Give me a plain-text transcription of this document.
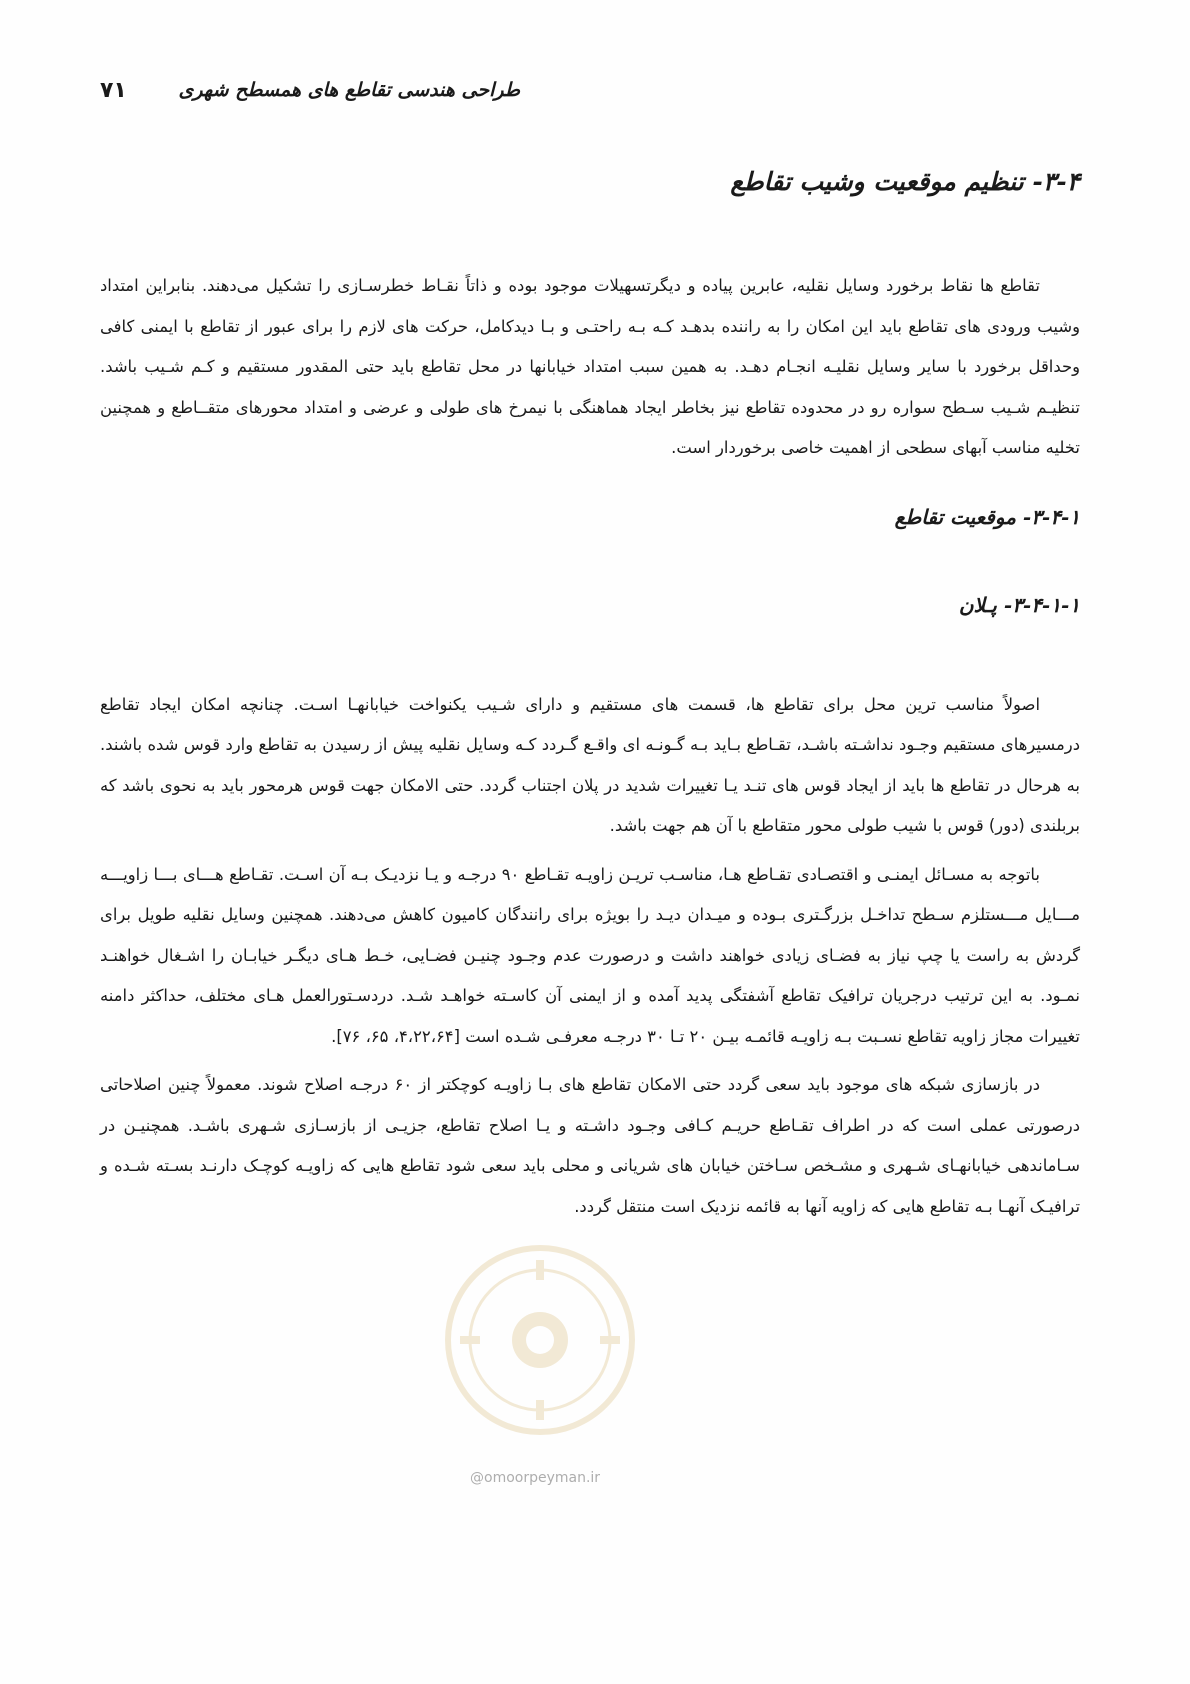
۷۱	طراحی هندسی تقاطع های همسطح شهری
۳-۴- تنظیم موقعیت وشیب تقاطع

تقاطع ها نقاط برخورد وسایل نقلیه، عابرین پیاده و دیگرتسهیلات موجود بوده و ذاتاً نقـاط خطرسـازی را تشکیل می‌دهند. بنابراین امتداد وشیب ورودی های تقاطع باید این امکان را به راننده بدهـد کـه بـه راحتـی و بـا دیدکامل، حرکت های لازم را برای عبور از تقاطع با ایمنی کافی وحداقل برخورد با سایر وسایل نقلیـه انجـام دهـد. به همین سبب امتداد خیابانها در محل تقاطع باید حتی المقدور مستقیم و کـم شـیب باشد. تنظیـم شـیب سـطح سواره رو در محدوده تقاطع نیز بخاطر ایجاد هماهنگی با نیمرخ های طولی و عرضی و امتداد محورهای متقــاطع و همچنین تخلیه مناسب آبهای سطحی از اهمیت خاصی برخوردار است.

۳-۴-۱- موقعیت تقاطع
۳-۴-۱-۱- پـلان

اصولاً مناسب ترین محل برای تقاطع ها، قسمت های مستقیم و دارای شـیب یکنواخت خیابانهـا اسـت. چنانچه امکان ایجاد تقاطع درمسیرهای مستقیم وجـود نداشـته باشـد، تقـاطع بـاید بـه گـونـه ای واقـع گـردد کـه وسایل نقلیه پیش از رسیدن به تقاطع وارد قوس شده باشند. به هرحال در تقاطع ها باید از ایجاد قوس های تنـد یـا تغییرات شدید در پلان اجتناب گردد. حتی الامکان جهت قوس هرمحور باید به نحوی باشد که بربلندی (دور) قوس با شیب طولی محور متقاطع با آن هم جهت باشد.

باتوجه به مسـائل ایمنـی و اقتصـادی تقـاطع هـا، مناسـب تریـن زاویـه تقـاطع ۹۰ درجـه و یـا نزدیـک بـه آن اسـت. تقـاطع هـــای بـــا زاویـــه مـــایل مـــستلزم سـطح تداخـل بزرگـتری بـوده و میـدان دیـد را بویژه برای رانندگان کامیون کاهش می‌دهند. همچنین وسایل نقلیه طویل برای گردش به راست یا چپ نیاز به فضـای زیادی خواهند داشت و درصورت عدم وجـود چنیـن فضـایی، خـط هـای دیگـر خیابـان را اشـغال خواهنـد نمـود. به این ترتیب درجریان ترافیک تقاطع آشفتگی پدید آمده و از ایمنی آن کاسـته خواهـد شـد. دردسـتورالعمل هـای مختلف، حداکثر دامنه تغییرات مجاز زاویه تقاطع نسـبت بـه زاویـه قائمـه بیـن ۲۰ تـا ۳۰ درجـه معرفـی شـده است [۴،۲۲،۶۴، ۶۵، ۷۶].

در بازسازی شبکه های موجود باید سعی گردد حتی الامکان تقاطع های بـا زاویـه کوچکتر از ۶۰ درجـه اصلاح شوند. معمولاً چنین اصلاحاتی درصورتی عملی است که در اطراف تقـاطع حریـم کـافی وجـود داشـته و یـا اصلاح تقاطع، جزیـی از بازسـازی شـهری باشـد. همچنیـن در سـاماندهی خیابانهـای شـهری و مشـخص سـاختن خیابان های شریانی و محلی باید سعی شود تقاطع هایی که زاویـه کوچـک دارنـد بسـته شـده و ترافیـک آنهـا بـه تقاطع هایی که زاویه آنها به قائمه نزدیک است منتقل گردد.

@omoorpeyman.ir
